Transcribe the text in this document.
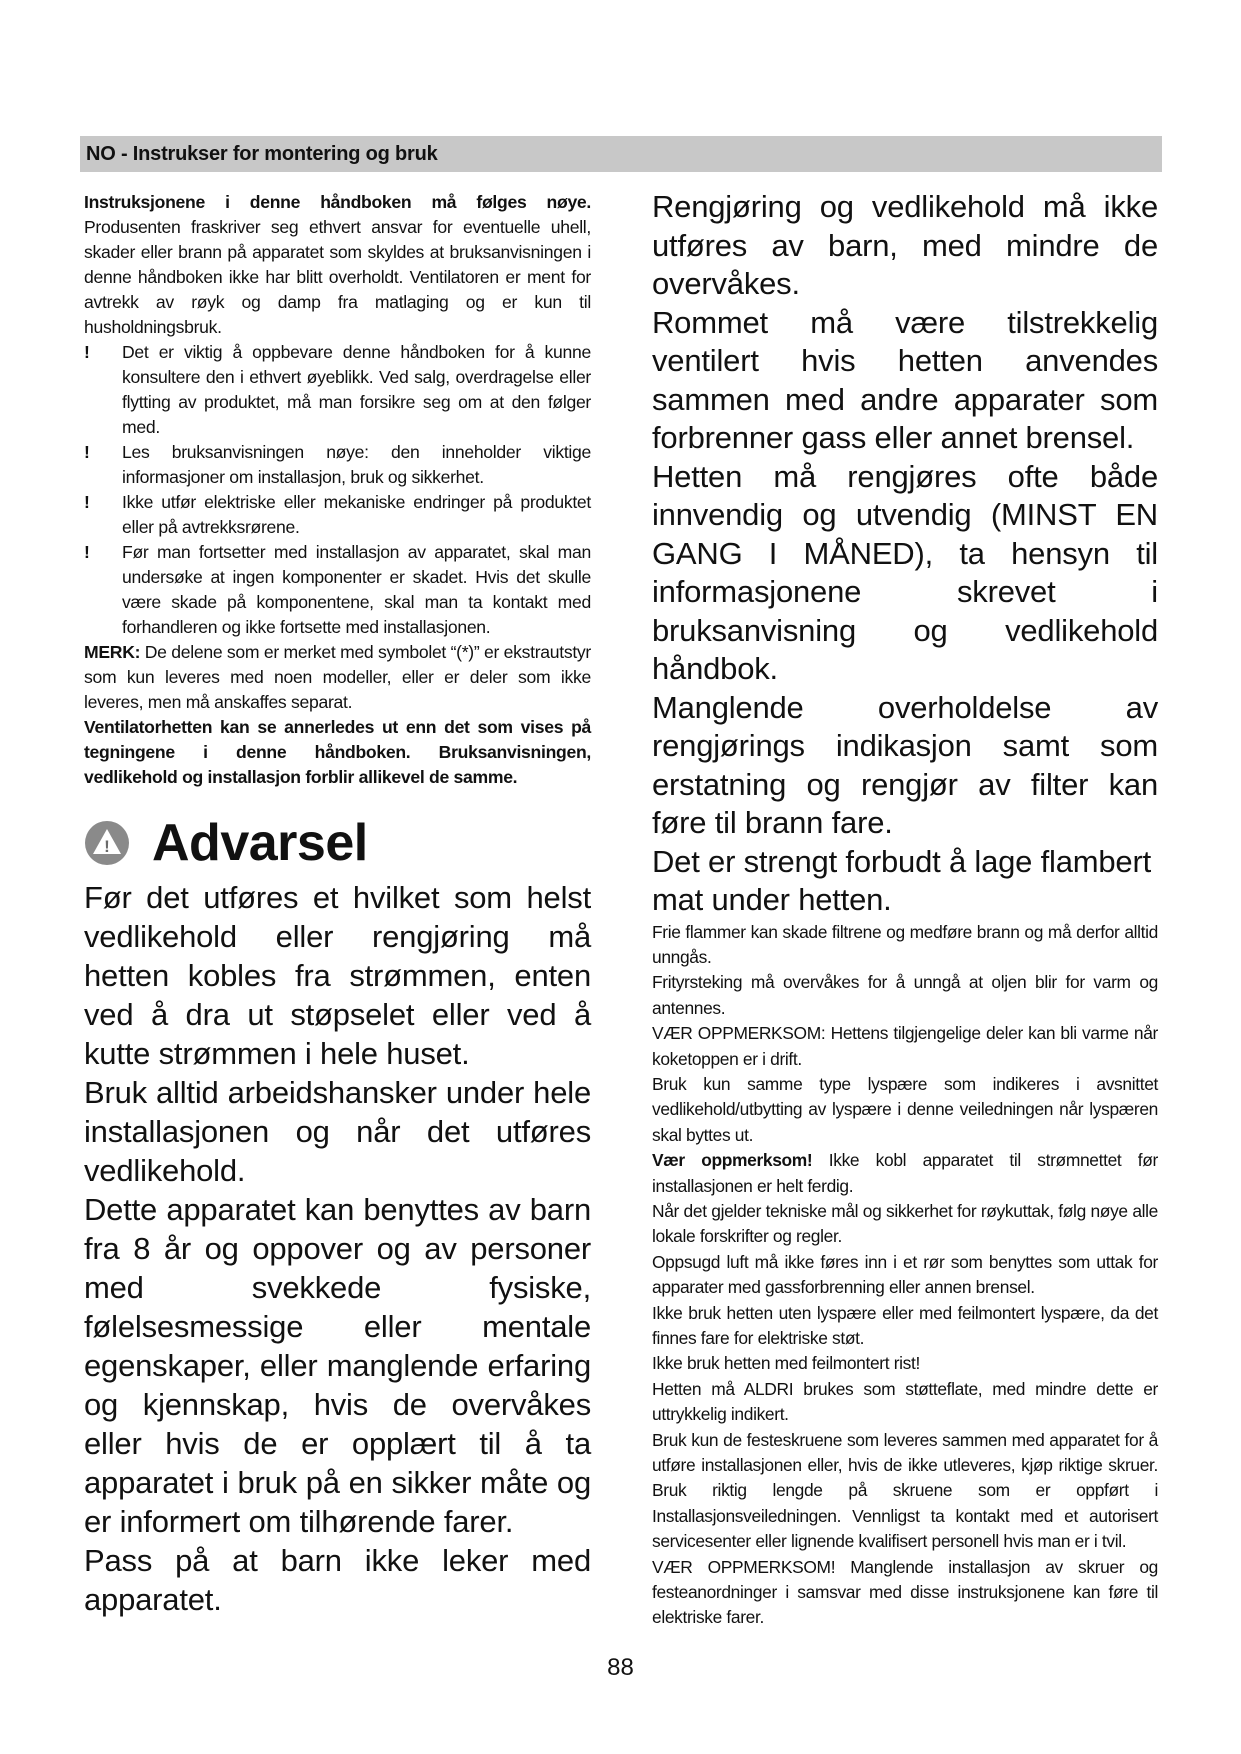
NO - Instrukser for montering og bruk

Instruksjonene i denne håndboken må følges nøye. Produsenten fraskriver seg ethvert ansvar for eventuelle uhell, skader eller brann på apparatet som skyldes at bruksanvisningen i denne håndboken ikke har blitt overholdt. Ventilatoren er ment for avtrekk av røyk og damp fra matlaging og er kun til husholdningsbruk.

! Det er viktig å oppbevare denne håndboken for å kunne konsultere den i ethvert øyeblikk. Ved salg, overdragelse eller flytting av produktet, må man forsikre seg om at den følger med.

! Les bruksanvisningen nøye: den inneholder viktige informasjoner om installasjon, bruk og sikkerhet.

! Ikke utfør elektriske eller mekaniske endringer på produktet eller på avtrekksrørene.

! Før man fortsetter med installasjon av apparatet, skal man undersøke at ingen komponenter er skadet. Hvis det skulle være skade på komponentene, skal man ta kontakt med forhandleren og ikke fortsette med installasjonen.

MERK: De delene som er merket med symbolet “(*)” er ekstrautstyr som kun leveres med noen modeller, eller er deler som ikke leveres, men må anskaffes separat.

Ventilatorhetten kan se annerledes ut enn det som vises på tegningene i denne håndboken. Bruksanvisningen, vedlikehold og installasjon forblir allikevel de samme.

! Advarsel

Før det utføres et hvilket som helst vedlikehold eller rengjøring må hetten kobles fra strømmen, enten ved å dra ut støpselet eller ved å kutte strømmen i hele huset.

Bruk alltid arbeidshansker under hele installasjonen og når det utføres vedlikehold.

Dette apparatet kan benyttes av barn fra 8 år og oppover og av personer med svekkede fysiske, følelsesmessige eller mentale egenskaper, eller manglende erfaring og kjennskap, hvis de overvåkes eller hvis de er opplært til å ta apparatet i bruk på en sikker måte og er informert om tilhørende farer.

Pass på at barn ikke leker med apparatet.

Rengjøring og vedlikehold må ikke utføres av barn, med mindre de overvåkes.

Rommet må være tilstrekkelig ventilert hvis hetten anvendes sammen med andre apparater som forbrenner gass eller annet brensel.

Hetten må rengjøres ofte både innvendig og utvendig (MINST EN GANG I MÅNED), ta hensyn til informasjonene skrevet i bruksanvisning og vedlikehold håndbok.

Manglende overholdelse av rengjørings indikasjon samt som erstatning og rengjør av filter kan føre til brann fare.

Det er strengt forbudt å lage flambert mat under hetten.

Frie flammer kan skade filtrene og medføre brann og må derfor alltid unngås.

Frityrsteking må overvåkes for å unngå at oljen blir for varm og antennes.

VÆR OPPMERKSOM: Hettens tilgjengelige deler kan bli varme når koketoppen er i drift.

Bruk kun samme type lyspære som indikeres i avsnittet vedlikehold/utbytting av lyspære i denne veiledningen når lyspæren skal byttes ut.

Vær oppmerksom! Ikke kobl apparatet til strømnettet før installasjonen er helt ferdig.

Når det gjelder tekniske mål og sikkerhet for røykuttak, følg nøye alle lokale forskrifter og regler.

Oppsugd luft må ikke føres inn i et rør som benyttes som uttak for apparater med gassforbrenning eller annen brensel.

Ikke bruk hetten uten lyspære eller med feilmontert lyspære, da det finnes fare for elektriske støt.

Ikke bruk hetten med feilmontert rist!

Hetten må ALDRI brukes som støtteflate, med mindre dette er uttrykkelig indikert.

Bruk kun de festeskruene som leveres sammen med apparatet for å utføre installasjonen eller, hvis de ikke utleveres, kjøp riktige skruer. Bruk riktig lengde på skruene som er oppført i Installasjonsveiledningen. Vennligst ta kontakt med et autorisert servicesenter eller lignende kvalifisert personell hvis man er i tvil.

VÆR OPPMERKSOM! Manglende installasjon av skruer og festeanordninger i samsvar med disse instruksjonene kan føre til elektriske farer.

88
